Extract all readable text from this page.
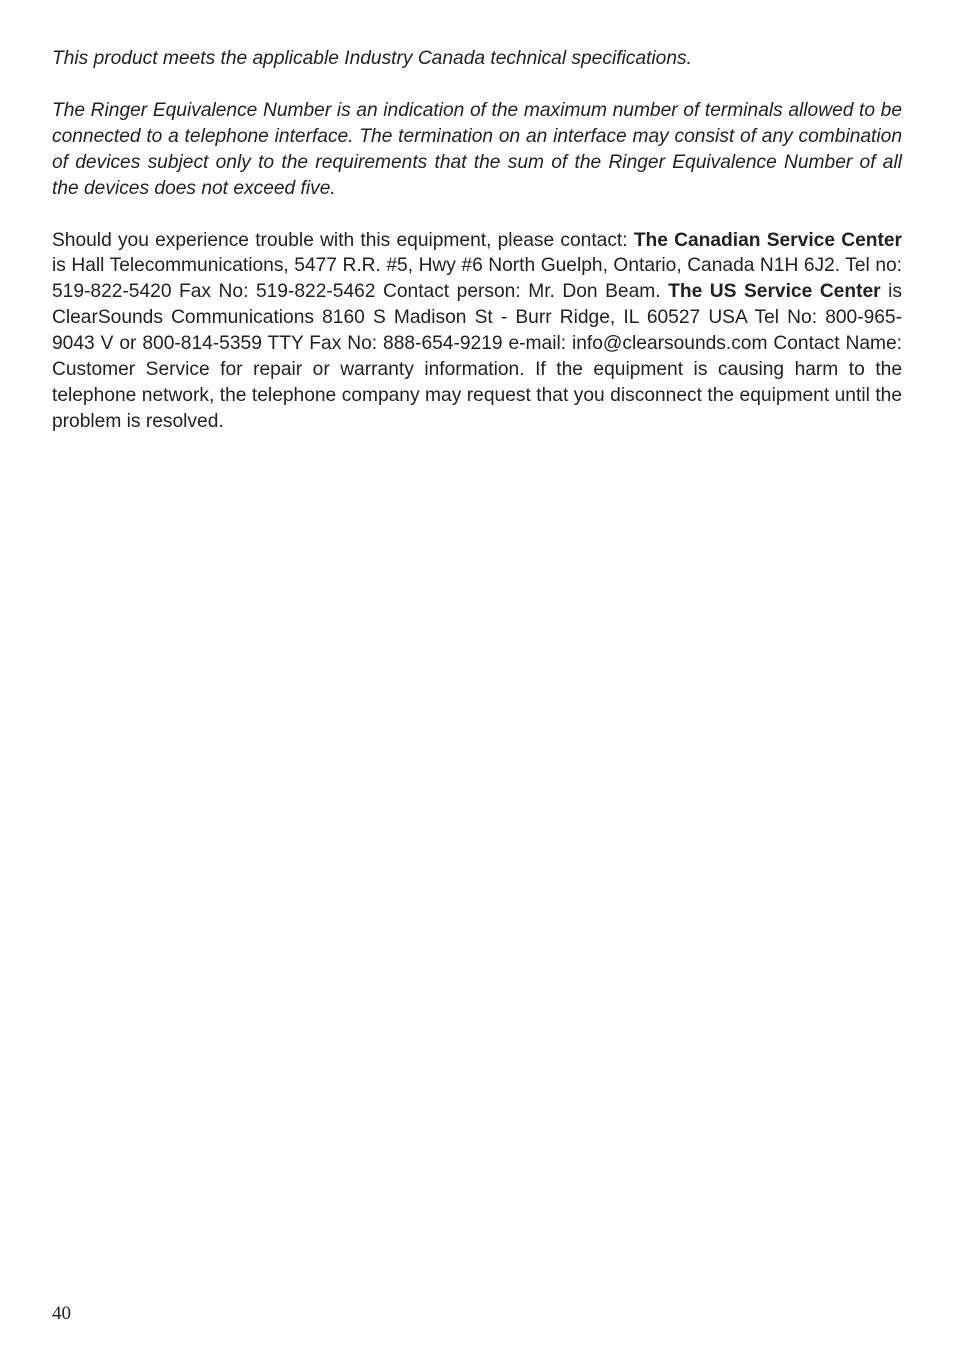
This product meets the applicable Industry Canada technical specifications.

The Ringer Equivalence Number is an indication of the maximum number of terminals allowed to be connected to a telephone interface. The termination on an interface may consist of any combination of devices subject only to the requirements that the sum of the Ringer Equivalence Number of all the devices does not exceed five.

Should you experience trouble with this equipment, please contact: The Canadian Service Center is Hall Telecommunications, 5477 R.R. #5, Hwy #6 North Guelph, Ontario, Canada N1H 6J2. Tel no: 519-822-5420 Fax No: 519-822-5462 Contact person: Mr. Don Beam. The US Service Center is ClearSounds Communications 8160 S Madison St - Burr Ridge, IL 60527 USA Tel No: 800-965-9043 V or 800-814-5359 TTY Fax No: 888-654-9219 e-mail: info@clearsounds.com Contact Name: Customer Service for repair or warranty information. If the equipment is causing harm to the telephone network, the telephone company may request that you disconnect the equipment until the problem is resolved.

40
